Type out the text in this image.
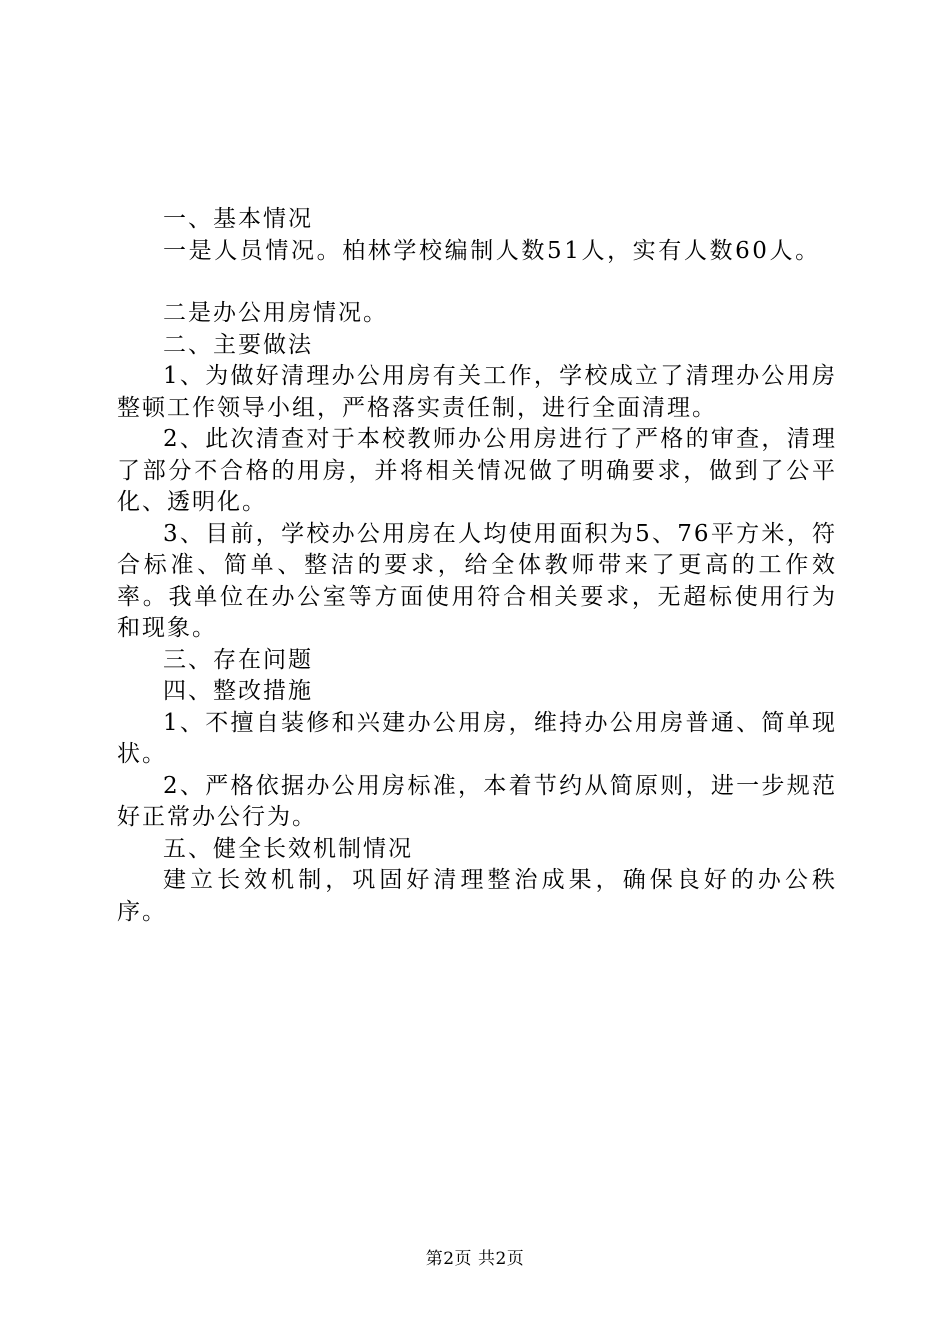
一、基本情况

一是人员情况。柏林学校编制人数51人，实有人数60人。

二是办公用房情况。

二、主要做法

1、为做好清理办公用房有关工作，学校成立了清理办公用房整顿工作领导小组，严格落实责任制，进行全面清理。

2、此次清查对于本校教师办公用房进行了严格的审查，清理了部分不合格的用房，并将相关情况做了明确要求，做到了公平化、透明化。

3、目前，学校办公用房在人均使用面积为5、76平方米，符合标准、简单、整洁的要求，给全体教师带来了更高的工作效率。我单位在办公室等方面使用符合相关要求，无超标使用行为和现象。

三、存在问题

四、整改措施

1、不擅自装修和兴建办公用房，维持办公用房普通、简单现状。

2、严格依据办公用房标准，本着节约从简原则，进一步规范好正常办公行为。

五、健全长效机制情况

建立长效机制，巩固好清理整治成果，确保良好的办公秩序。

第2页 共2页
